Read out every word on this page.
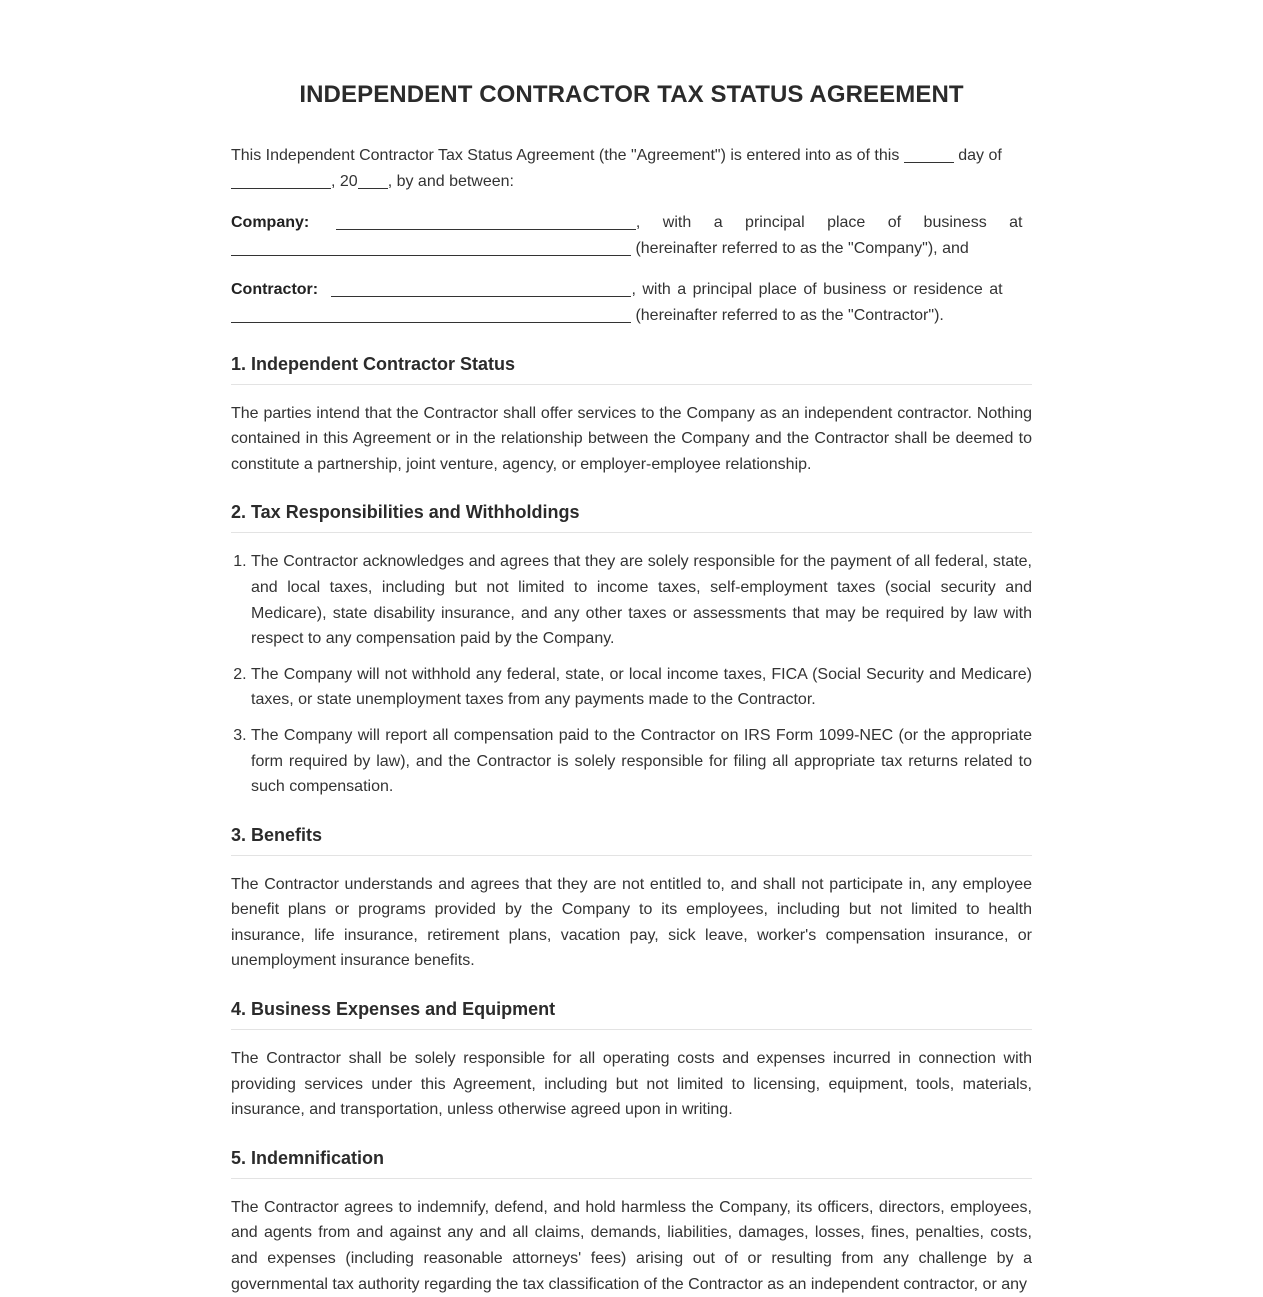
INDEPENDENT CONTRACTOR TAX STATUS AGREEMENT

This Independent Contractor Tax Status Agreement (the "Agreement") is entered into as of this	day of
, 20 , by and between:

Company:	, with a principal place of business at
(hereinafter referred to as the "Company"), and

Contractor:	, with a principal place of business or residence at
(hereinafter referred to as the "Contractor").

1. Independent Contractor Status

The parties intend that the Contractor shall offer services to the Company as an independent contractor. Nothing contained in this Agreement or in the relationship between the Company and the Contractor shall be deemed to constitute a partnership, joint venture, agency, or employer-employee relationship.

2. Tax Responsibilities and Withholdings
1. The Contractor acknowledges and agrees that they are solely responsible for the payment of all federal, state, and local taxes, including but not limited to income taxes, self-employment taxes (social security and Medicare), state disability insurance, and any other taxes or assessments that may be required by law with respect to any compensation paid by the Company.
2. The Company will not withhold any federal, state, or local income taxes, FICA (Social Security and Medicare) taxes, or state unemployment taxes from any payments made to the Contractor.
3. The Company will report all compensation paid to the Contractor on IRS Form 1099-NEC (or the appropriate form required by law), and the Contractor is solely responsible for filing all appropriate tax returns related to such compensation.
3. Benefits

The Contractor understands and agrees that they are not entitled to, and shall not participate in, any employee benefit plans or programs provided by the Company to its employees, including but not limited to health insurance, life insurance, retirement plans, vacation pay, sick leave, worker's compensation insurance, or unemployment insurance benefits.

4. Business Expenses and Equipment

The Contractor shall be solely responsible for all operating costs and expenses incurred in connection with providing services under this Agreement, including but not limited to licensing, equipment, tools, materials, insurance, and transportation, unless otherwise agreed upon in writing.

5. Indemnification

The Contractor agrees to indemnify, defend, and hold harmless the Company, its officers, directors, employees, and agents from and against any and all claims, demands, liabilities, damages, losses, fines, penalties, costs, and expenses (including reasonable attorneys' fees) arising out of or resulting from any challenge by a governmental tax authority regarding the tax classification of the Contractor as an independent contractor, or any
